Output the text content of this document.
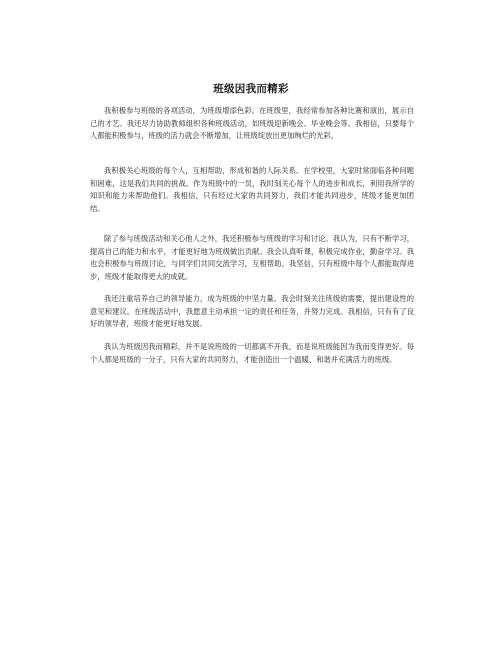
班级因我而精彩

我积极参与班级的各项活动，为班级增添色彩。在班级里，我经常参加各种比赛和演出，展示自己的才艺。我还尽力协助教师组织各种班级活动，如班级迎新晚会、毕业晚会等。我相信，只要每个人都能积极参与，班级的活力就会不断增加，让班级绽放出更加绚烂的光彩。

我积极关心班级的每个人，互相帮助，形成和谐的人际关系。在学校里，大家时常面临各种问题和困难，这是我们共同的挑战。作为班级中的一员，我时刻关心每个人的进步和成长，利用我所学的知识和能力来帮助他们。我相信，只有经过大家的共同努力，我们才能共同进步，班级才能更加团结。

除了参与班级活动和关心他人之外，我还积极参与班级的学习和讨论。我认为，只有不断学习，提高自己的能力和水平，才能更好地为班级做出贡献。我会认真听课，积极完成作业，勤奋学习。我也会积极参与班级讨论，与同学们共同交流学习，互相帮助。我坚信，只有班级中每个人都能取得进步，班级才能取得更大的成就。

我还注重培养自己的领导能力，成为班级的中坚力量。我会时刻关注班级的需要，提出建设性的意见和建议。在班级活动中，我愿意主动承担一定的责任和任务，并努力完成。我相信，只有有了良好的领导者，班级才能更好地发展。

我认为班级因我而精彩，并不是说班级的一切都离不开我，而是说班级能因为我而变得更好。每个人都是班级的一分子，只有大家的共同努力，才能创造出一个温暖、和谐并充满活力的班级。
